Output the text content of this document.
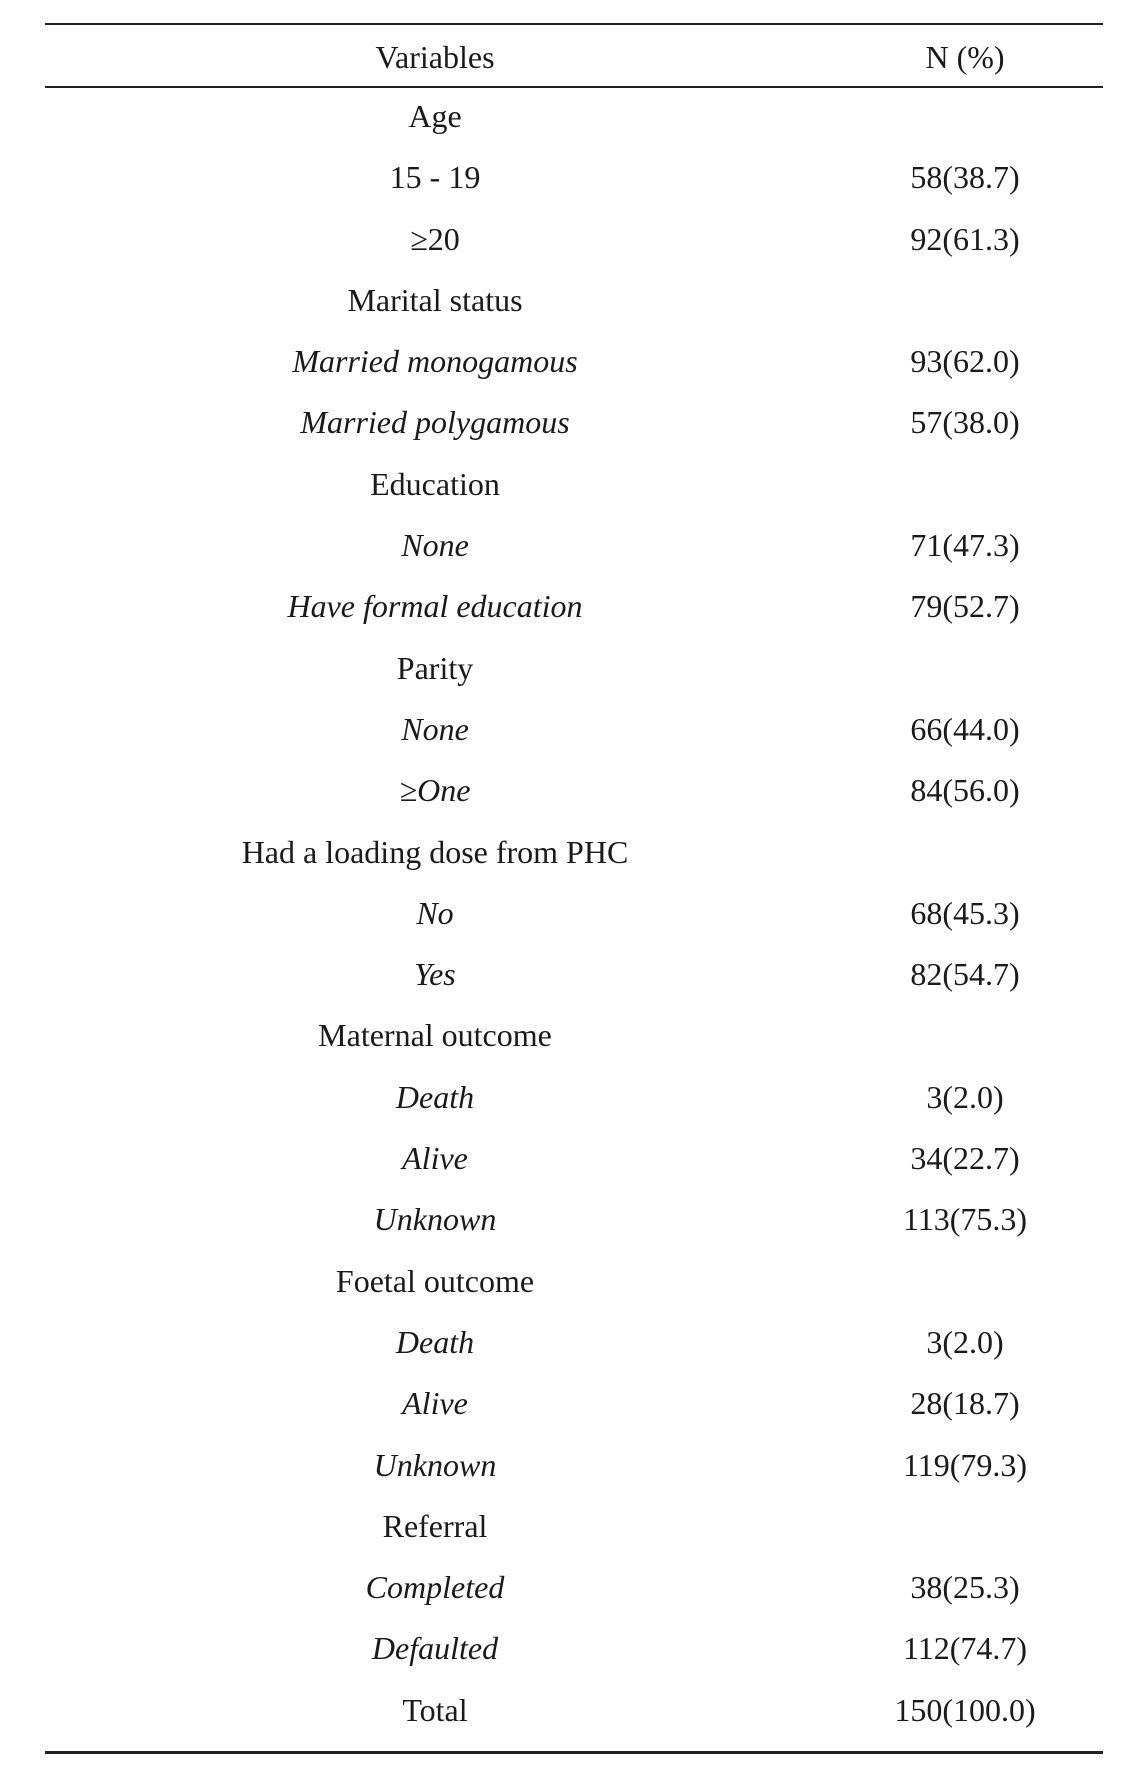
Variables	N (%)
Age
15 - 19	58(38.7)
≥20	92(61.3)
Marital status
Married monogamous	93(62.0)
Married polygamous	57(38.0)
Education
None	71(47.3)
Have formal education	79(52.7)
Parity
None	66(44.0)
≥One	84(56.0)
Had a loading dose from PHC
No	68(45.3)
Yes	82(54.7)
Maternal outcome
Death	3(2.0)
Alive	34(22.7)
Unknown	113(75.3)
Foetal outcome
Death	3(2.0)
Alive	28(18.7)
Unknown	119(79.3)
Referral
Completed	38(25.3)
Defaulted	112(74.7)
Total	150(100.0)
